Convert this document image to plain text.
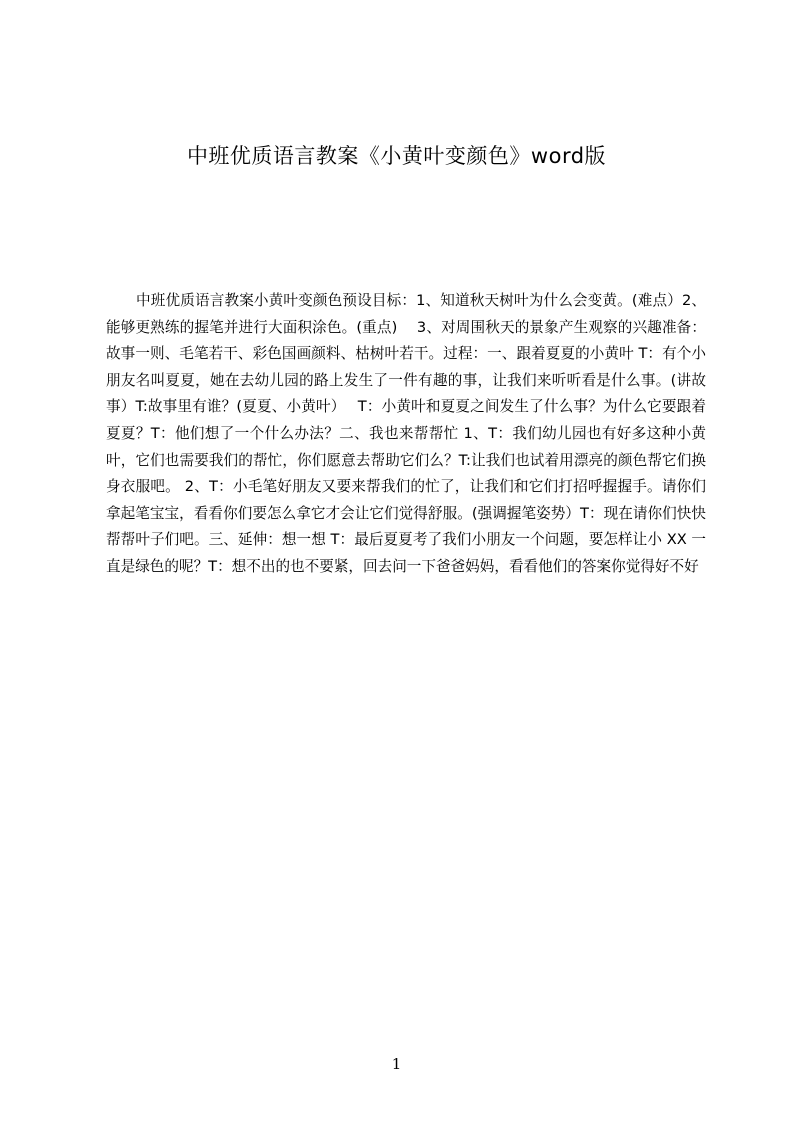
中班优质语言教案《小黄叶变颜色》word版

中班优质语言教案小黄叶变颜色预设目标：1、知道秋天树叶为什么会变黄。(难点）2、能够更熟练的握笔并进行大面积涂色。(重点)　 3、对周围秋天的景象产生观察的兴趣准备：故事一则、毛笔若干、彩色国画颜料、枯树叶若干。过程：一、跟着夏夏的小黄叶 T：有个小朋友名叫夏夏，她在去幼儿园的路上发生了一件有趣的事，让我们来听听看是什么事。(讲故事）T:故事里有谁？(夏夏、小黄叶）　 T：小黄叶和夏夏之间发生了什么事？为什么它要跟着夏夏？T：他们想了一个什么办法？二、我也来帮帮忙 1、T：我们幼儿园也有好多这种小黄叶，它们也需要我们的帮忙，你们愿意去帮助它们么？T:让我们也试着用漂亮的颜色帮它们换身衣服吧。 2、T：小毛笔好朋友又要来帮我们的忙了，让我们和它们打招呼握握手。请你们拿起笔宝宝，看看你们要怎么拿它才会让它们觉得舒服。(强调握笔姿势）T：现在请你们快快帮帮叶子们吧。三、延伸：想一想 T：最后夏夏考了我们小朋友一个问题，要怎样让小 XX 一直是绿色的呢？T：想不出的也不要紧，回去问一下爸爸妈妈，看看他们的答案你觉得好不好

1
